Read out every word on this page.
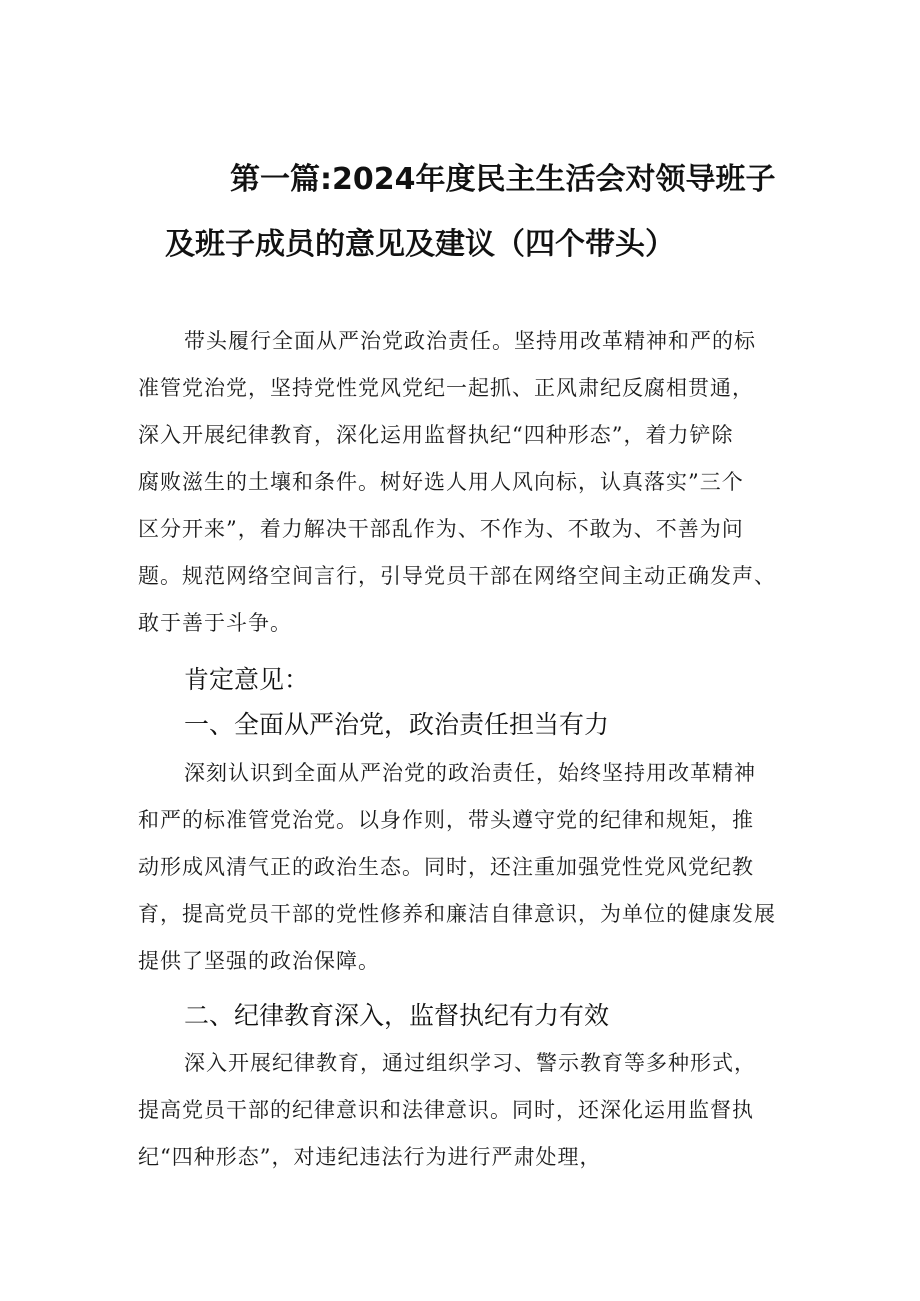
第一篇:2024年度民主生活会对领导班子
及班子成员的意见及建议（四个带头）
带头履行全面从严治党政治责任。坚持用改革精神和严的标
准管党治党，坚持党性党风党纪一起抓、正风肃纪反腐相贯通，
深入开展纪律教育，深化运用监督执纪“四种形态”，着力铲除
腐败滋生的土壤和条件。树好选人用人风向标，认真落实”三个
区分开来”，着力解决干部乱作为、不作为、不敢为、不善为问
题。规范网络空间言行，引导党员干部在网络空间主动正确发声、
敢于善于斗争。
肯定意见：
一、全面从严治党，政治责任担当有力
深刻认识到全面从严治党的政治责任，始终坚持用改革精神
和严的标准管党治党。以身作则，带头遵守党的纪律和规矩，推
动形成风清气正的政治生态。同时，还注重加强党性党风党纪教
育，提高党员干部的党性修养和廉洁自律意识，为单位的健康发展
提供了坚强的政治保障。
二、纪律教育深入，监督执纪有力有效
深入开展纪律教育，通过组织学习、警示教育等多种形式，
提高党员干部的纪律意识和法律意识。同时，还深化运用监督执
纪“四种形态”，对违纪违法行为进行严肃处理，
